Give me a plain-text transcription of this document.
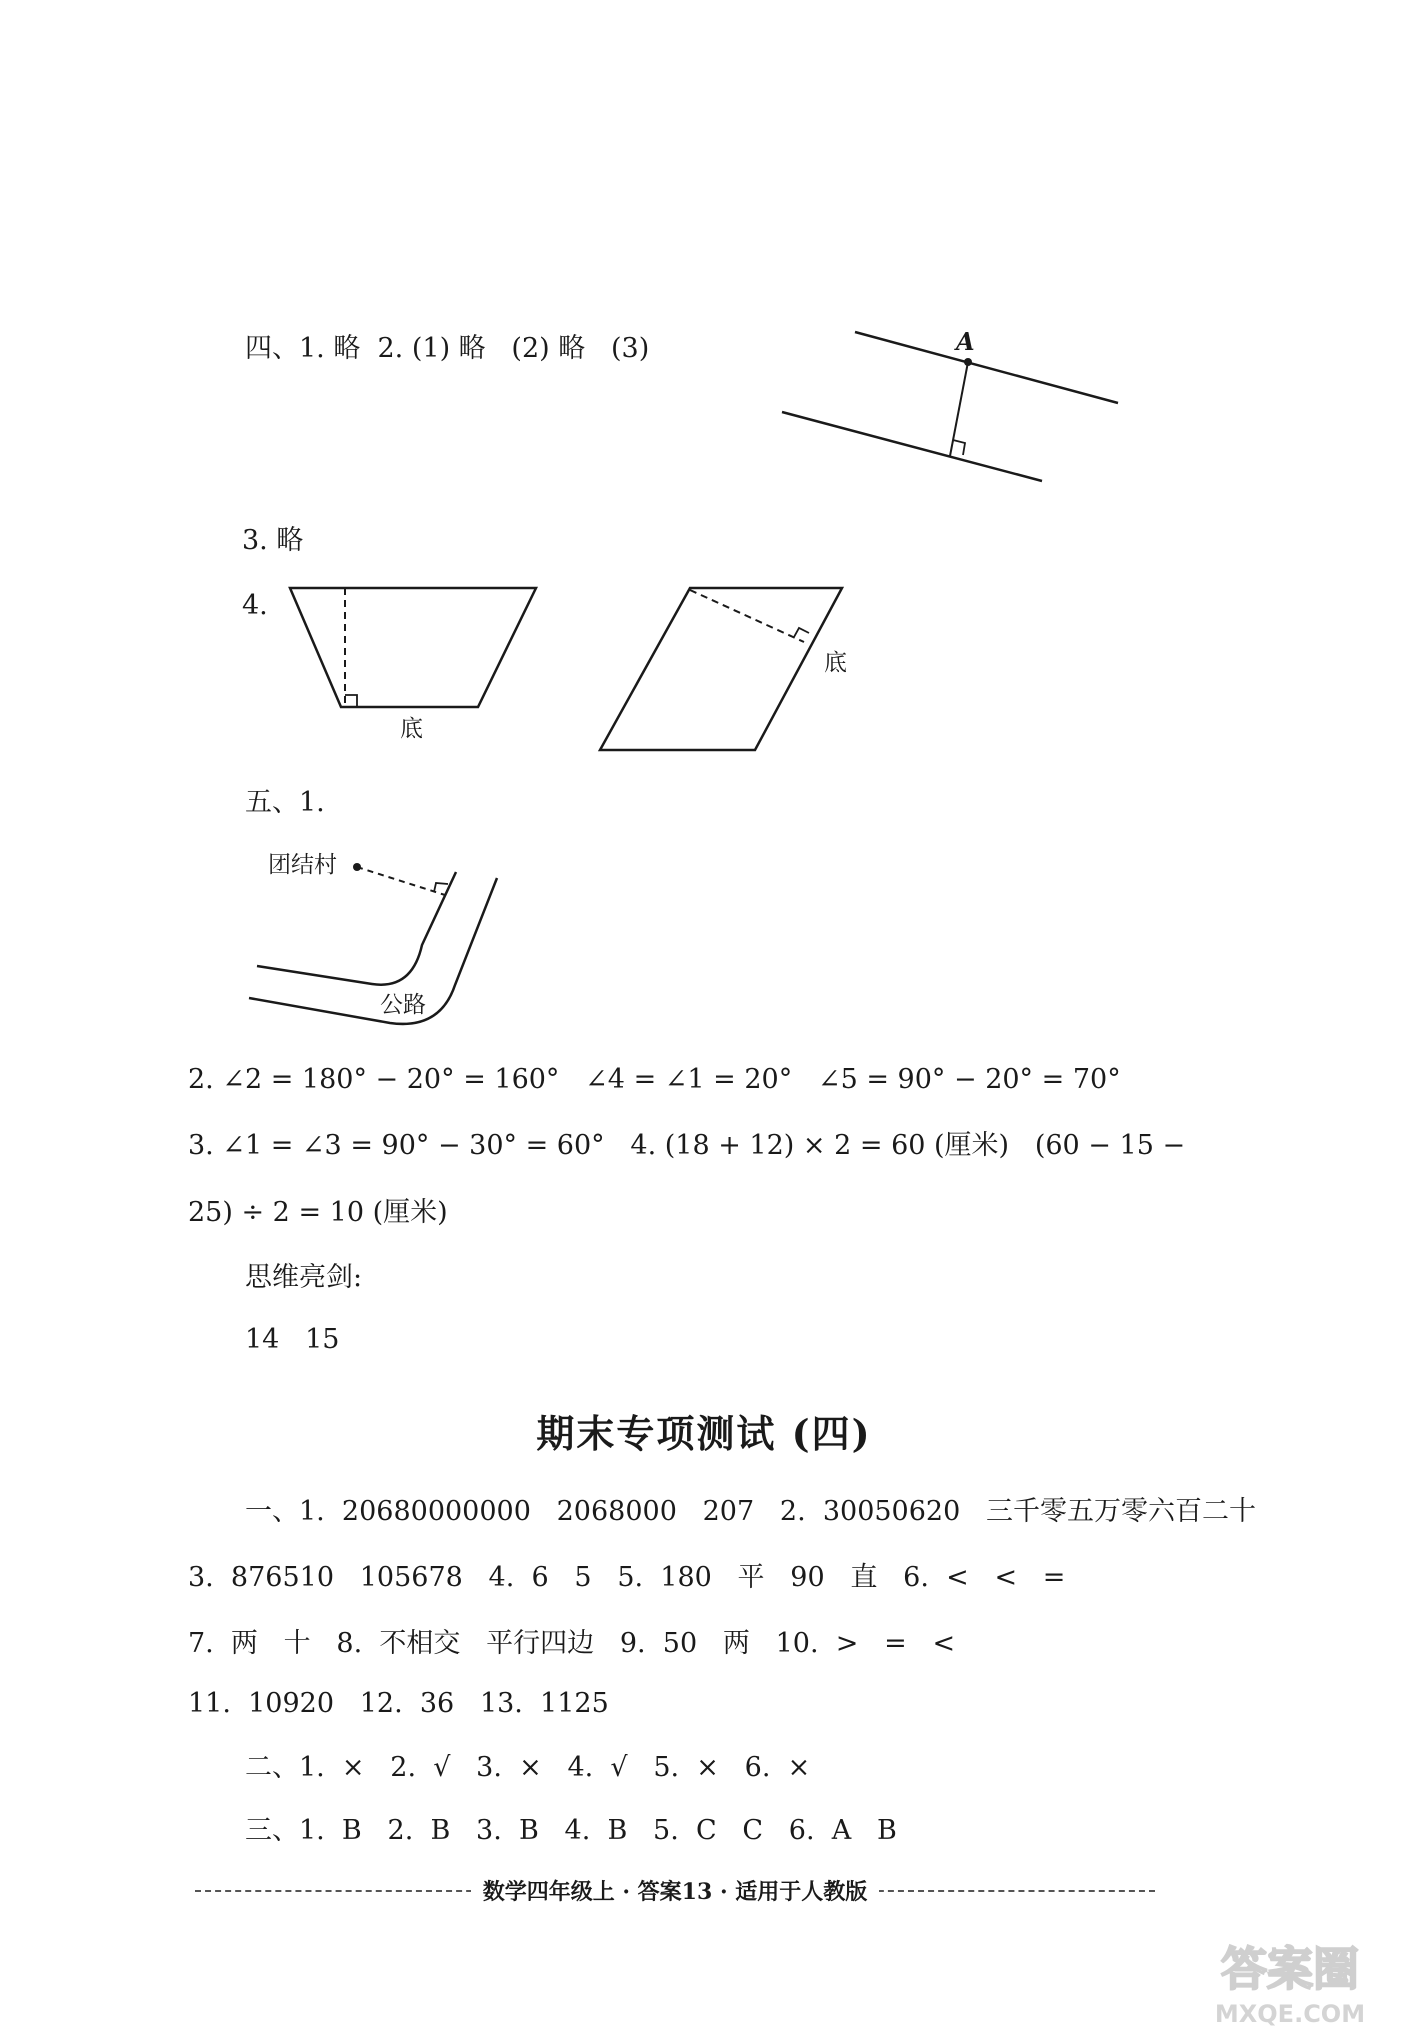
四、1. 略  2. (1) 略   (2) 略   (3)	A
3. 略
4.
底
底
五、1.
团结村
公路
2. ∠2 = 180° − 20° = 160°   ∠4 = ∠1 = 20°   ∠5 = 90° − 20° = 70°
3. ∠1 = ∠3 = 90° − 30° = 60°   4. (18 + 12) × 2 = 60 (厘米)   (60 − 15 −
25) ÷ 2 = 10 (厘米)
思维亮剑:
14   15
期末专项测试 (四)
一、1.  20680000000   2068000   207   2.  30050620   三千零五万零六百二十
3.  876510   105678   4.  6   5   5.  180   平   90   直   6.  <   <   =
7.  两   十   8.  不相交   平行四边   9.  50   两   10.  >   =   <
11.  10920   12.  36   13.  1125
二、1.  ×   2.  √   3.  ×   4.  √   5.  ×   6.  ×
三、1.  B   2.  B   3.  B   4.  B   5.  C   C   6.  A   B
数学四年级上 · 答案13 · 适用于人教版
答案圈
MXQE.COM
